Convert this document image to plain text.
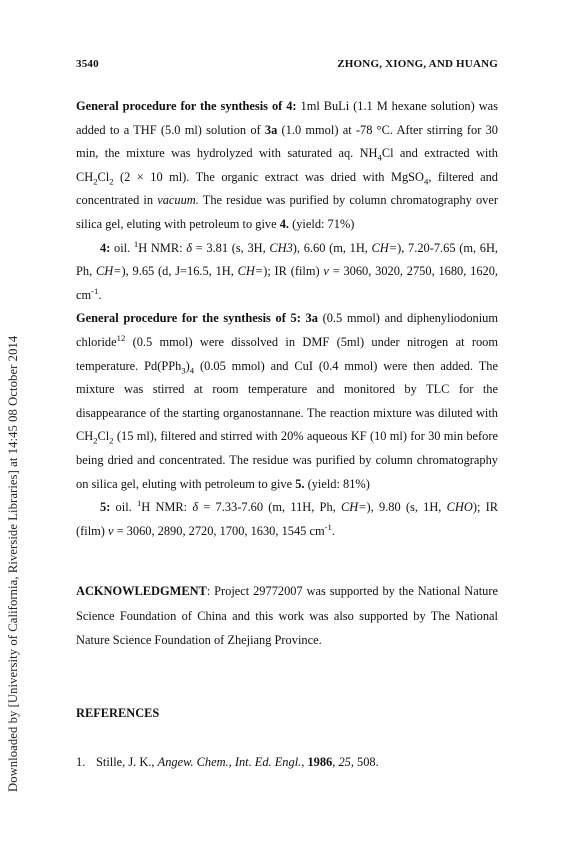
Downloaded by [University of California, Riverside Libraries] at 14:45 08 October 2014
3540	ZHONG, XIONG, AND HUANG

General procedure for the synthesis of 4: 1ml BuLi (1.1 M hexane solution) was added to a THF (5.0 ml) solution of 3a (1.0 mmol) at -78 °C. After stirring for 30 min, the mixture was hydrolyzed with saturated aq. $NH_4Cl$ and extracted with $CH_2Cl_2$ (2 × 10 ml). The organic extract was dried with MgSO$_4$, filtered and concentrated in vacuum. The residue was purified by column chromatography over silica gel, eluting with petroleum to give 4. (yield: 71%)

4: oil. $^1$H NMR: δ = 3.81 (s, 3H, CH3), 6.60 (m, 1H, CH=), 7.20-7.65 (m, 6H, Ph, CH=), 9.65 (d, J=16.5, 1H, CH=); IR (film) ν = 3060, 3020, 2750, 1680, 1620, $cm^{-1}$.

General procedure for the synthesis of 5: 3a (0.5 mmol) and diphenyliodonium chloride$^{12}$ (0.5 mmol) were dissolved in DMF (5ml) under nitrogen at room temperature. $Pd(PPh_3)_4$ (0.05 mmol) and CuI (0.4 mmol) were then added. The mixture was stirred at room temperature and monitored by TLC for the disappearance of the starting organostannane. The reaction mixture was diluted with $CH_2Cl_2$ (15 ml), filtered and stirred with 20% aqueous KF (10 ml) for 30 min before being dried and concentrated. The residue was purified by column chromatography on silica gel, eluting with petroleum to give 5. (yield: 81%)

5: oil. $^1$H NMR: δ = 7.33-7.60 (m, 11H, Ph, CH=), 9.80 (s, 1H, CHO); IR (film) ν = 3060, 2890, 2720, 1700, 1630, 1545 $cm^{-1}$.

ACKNOWLEDGMENT: Project 29772007 was supported by the National Nature Science Foundation of China and this work was also supported by The National Nature Science Foundation of Zhejiang Province.

REFERENCES

1. Stille, J. K., Angew. Chem., Int. Ed. Engl., 1986, 25, 508.
